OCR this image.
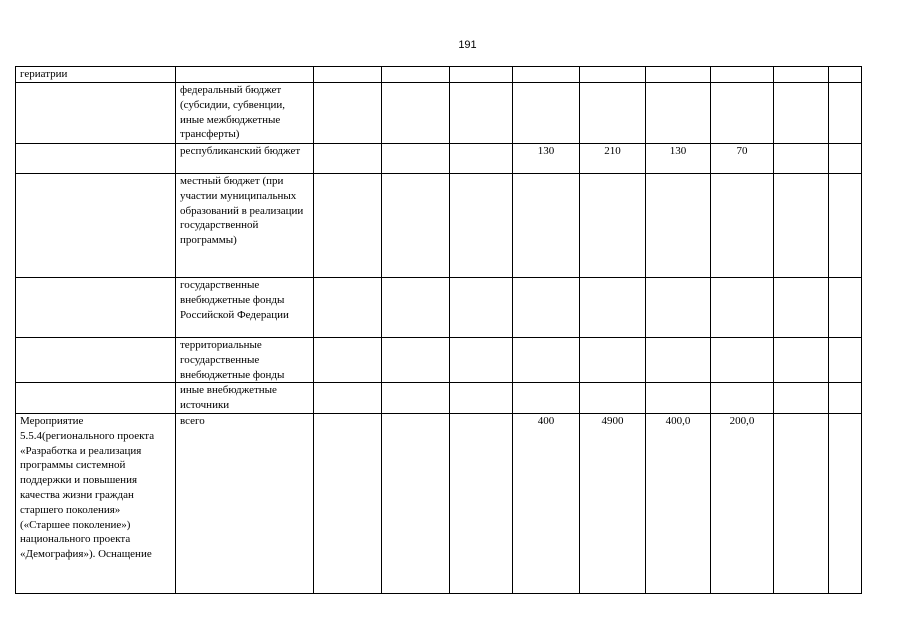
191
гериатрии										
	федеральный бюджет (субсидии, субвенции, иные межбюджетные трансферты)									
	республиканский бюджет				130	210	130	70		
	местный бюджет (при участии муниципальных образований в реализации государственной программы)									
	государственные внебюджетные фонды Российской Федерации									
	территориальные государственные внебюджетные фонды									
	иные внебюджетные источники									
Мероприятие 5.5.4(регионального проекта «Разработка и реализация программы системной поддержки и повышения качества жизни граждан старшего поколения» («Старшее поколение») национального проекта «Демография»). Оснащение	всего				400	4900	400,0	200,0		
